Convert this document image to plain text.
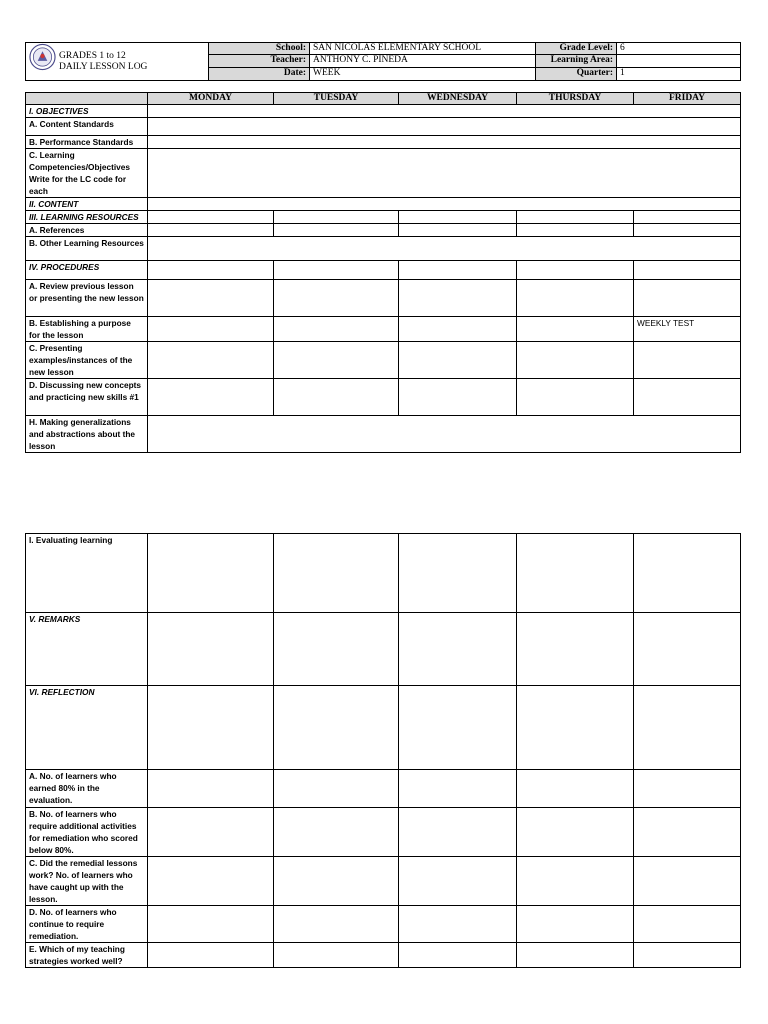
GRADES 1 to 12
DAILY LESSON LOG	School:	SAN NICOLAS ELEMENTARY SCHOOL	Grade Level:	6
	Teacher:	ANTHONY C. PINEDA	Learning Area:	
	Date:	WEEK	Quarter:	1
	MONDAY	TUESDAY	WEDNESDAY	THURSDAY	FRIDAY
I. OBJECTIVES					
A. Content Standards					
B. Performance Standards					
C. Learning Competencies/Objectives Write for the LC code for each					
II. CONTENT					
III. LEARNING RESOURCES					
A. References					
B. Other Learning Resources					
IV. PROCEDURES					
A. Review previous lesson or presenting the new lesson					
B. Establishing a purpose for the lesson					WEEKLY TEST
C. Presenting examples/instances of the new lesson					
D. Discussing new concepts and practicing new skills #1					
H. Making generalizations and abstractions about the lesson					
I. Evaluating learning					
V. REMARKS					
VI. REFLECTION					
A. No. of learners who earned 80% in the evaluation.					
B. No. of learners who require additional activities for remediation who scored below 80%.					
C. Did the remedial lessons work? No. of learners who have caught up with the lesson.					
D. No. of learners who continue to require remediation.					
E. Which of my teaching strategies worked well?					
